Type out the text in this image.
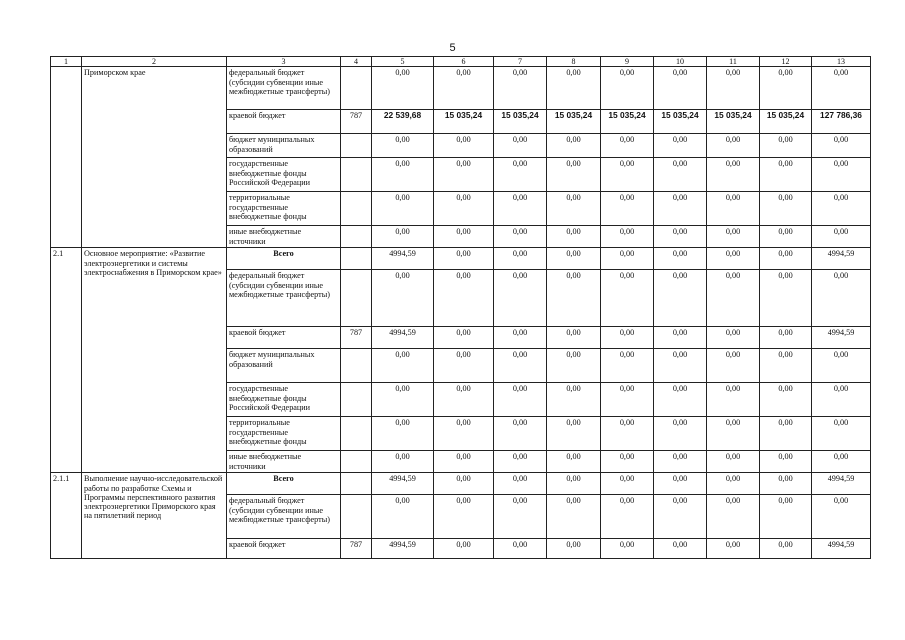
5
1	2	3	4	5	6	7	8	9	10	11	12	13
	Приморском крае	федеральный бюджет (субсидии субвенции иные межбюджетные трансферты)		0,00	0,00	0,00	0,00	0,00	0,00	0,00	0,00	0,00
		краевой бюджет	787	22 539,68	15 035,24	15 035,24	15 035,24	15 035,24	15 035,24	15 035,24	15 035,24	127 786,36
		бюджет муниципальных образований		0,00	0,00	0,00	0,00	0,00	0,00	0,00	0,00	0,00
		государственные внебюджетные фонды Российской Федерации		0,00	0,00	0,00	0,00	0,00	0,00	0,00	0,00	0,00
		территориальные государственные внебюджетные фонды		0,00	0,00	0,00	0,00	0,00	0,00	0,00	0,00	0,00
		иные внебюджетные источники		0,00	0,00	0,00	0,00	0,00	0,00	0,00	0,00	0,00
2.1	Основное мероприятие: «Развитие электроэнергетики и системы электроснабжения в Приморском крае»	Всего		4994,59	0,00	0,00	0,00	0,00	0,00	0,00	0,00	4994,59
		федеральный бюджет (субсидии субвенции иные межбюджетные трансферты)		0,00	0,00	0,00	0,00	0,00	0,00	0,00	0,00	0,00
		краевой бюджет	787	4994,59	0,00	0,00	0,00	0,00	0,00	0,00	0,00	4994,59
		бюджет муниципальных образований		0,00	0,00	0,00	0,00	0,00	0,00	0,00	0,00	0,00
		государственные внебюджетные фонды Российской Федерации		0,00	0,00	0,00	0,00	0,00	0,00	0,00	0,00	0,00
		территориальные государственные внебюджетные фонды		0,00	0,00	0,00	0,00	0,00	0,00	0,00	0,00	0,00
		иные внебюджетные источники		0,00	0,00	0,00	0,00	0,00	0,00	0,00	0,00	0,00
2.1.1	Выполнение научно-исследовательской работы по разработке Схемы и Программы перспективного развития электроэнергетики Приморского края на пятилетний период	Всего		4994,59	0,00	0,00	0,00	0,00	0,00	0,00	0,00	4994,59
		федеральный бюджет (субсидии субвенции иные межбюджетные трансферты)		0,00	0,00	0,00	0,00	0,00	0,00	0,00	0,00	0,00
		краевой бюджет	787	4994,59	0,00	0,00	0,00	0,00	0,00	0,00	0,00	4994,59
